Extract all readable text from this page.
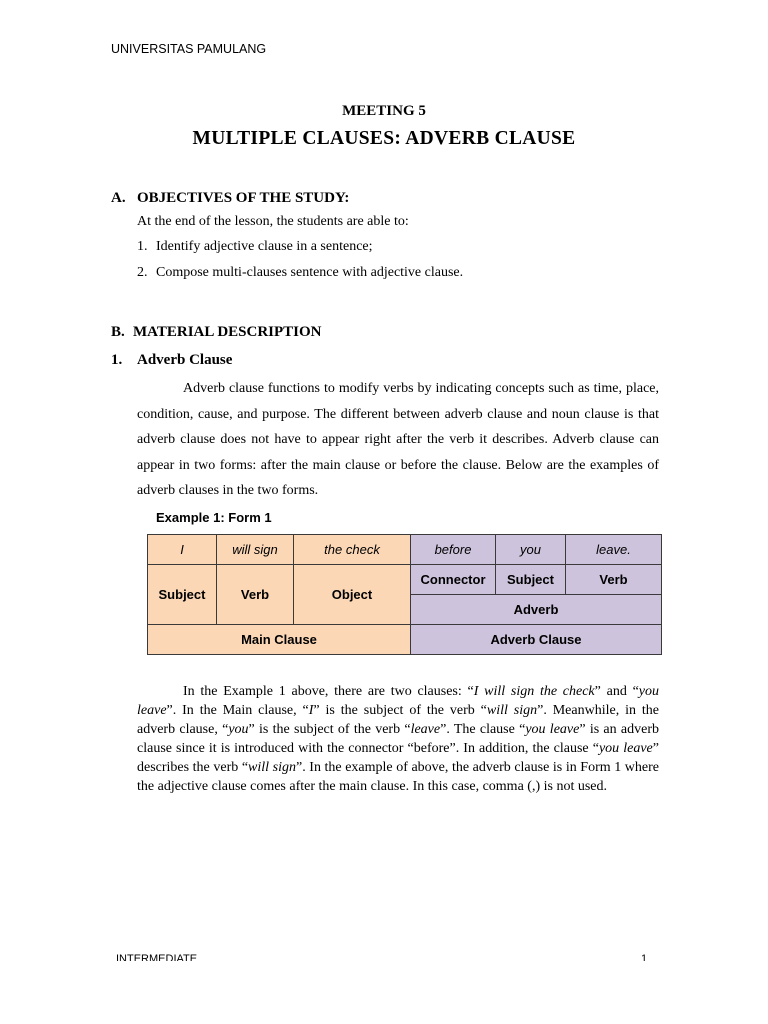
UNIVERSITAS PAMULANG
MEETING 5
MULTIPLE CLAUSES: ADVERB CLAUSE
A. OBJECTIVES OF THE STUDY:
At the end of the lesson, the students are able to:
1. Identify adjective clause in a sentence;
2. Compose multi-clauses sentence with adjective clause.
B. MATERIAL DESCRIPTION
1. Adverb Clause
Adverb clause functions to modify verbs by indicating concepts such as time, place, condition, cause, and purpose. The different between adverb clause and noun clause is that adverb clause does not have to appear right after the verb it describes. Adverb clause can appear in two forms: after the main clause or before the clause. Below are the examples of adverb clauses in the two forms.
Example 1: Form 1
I	will sign	the check	before	you	leave.
Subject	Verb	Object	Connector	Subject	Verb
			Adverb		
Main Clause			Adverb Clause		
In the Example 1 above, there are two clauses: “I will sign the check” and “you leave”. In the Main clause, “I” is the subject of the verb “will sign”. Meanwhile, in the adverb clause, “you” is the subject of the verb “leave”. The clause “you leave” is an adverb clause since it is introduced with the connector “before”. In addition, the clause “you leave” describes the verb “will sign”. In the example of above, the adverb clause is in Form 1 where the adjective clause comes after the main clause. In this case, comma (,) is not used.
INTERMEDIATE	1
